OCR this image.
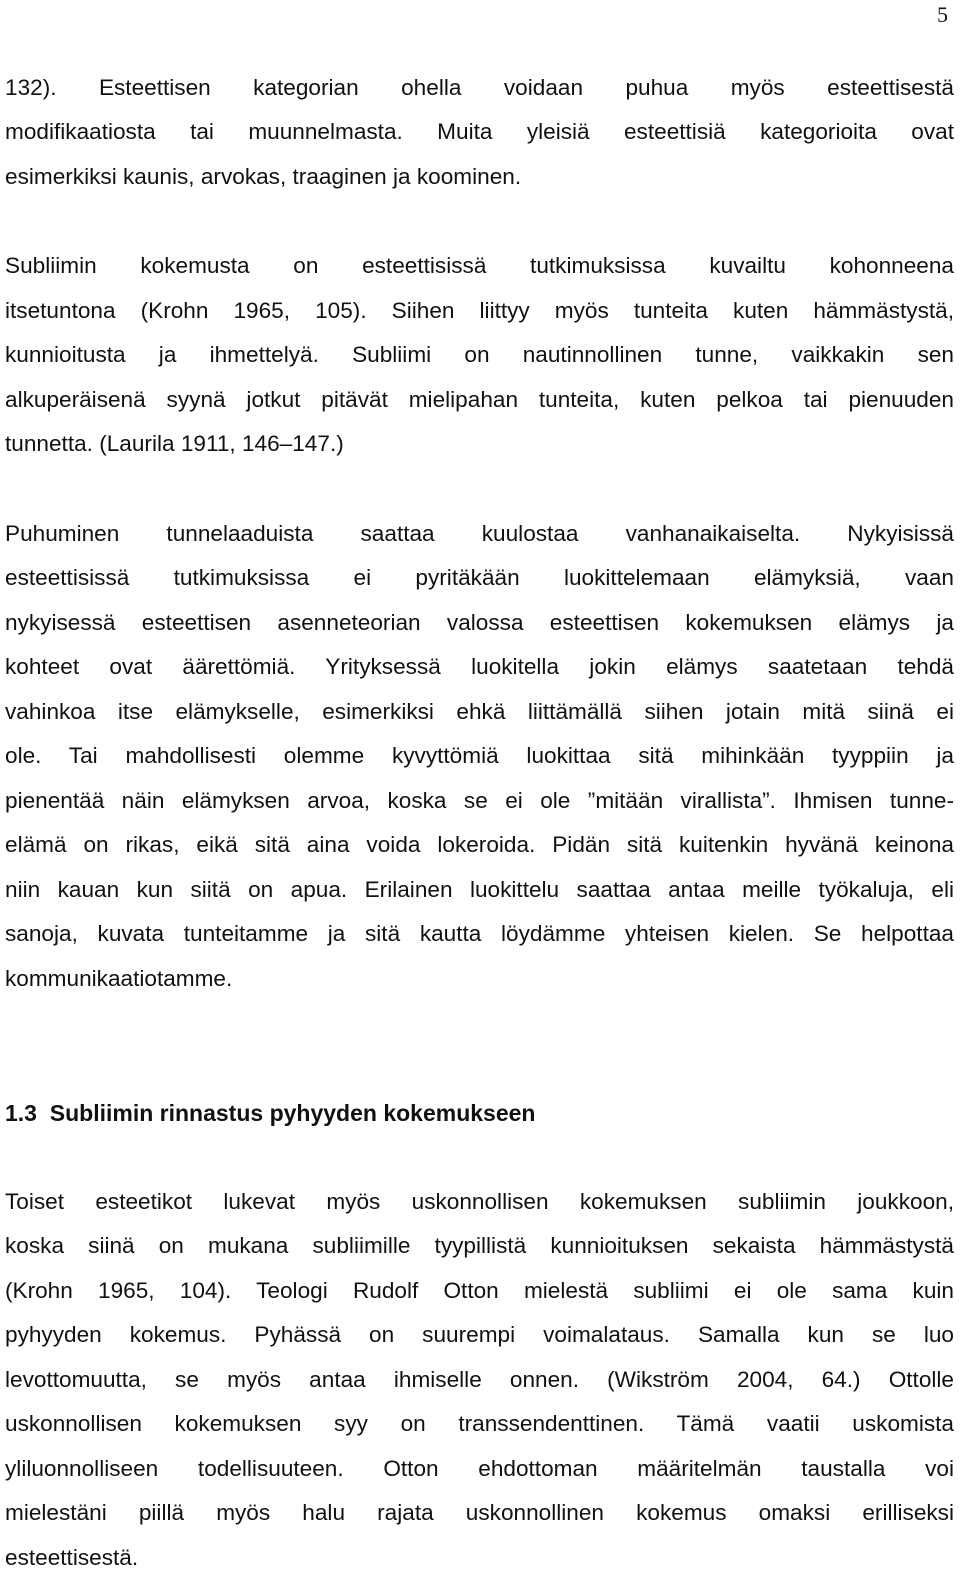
5
132). Esteettisen kategorian ohella voidaan puhua myös esteettisestä
modifikaatiosta tai muunnelmasta. Muita yleisiä esteettisiä kategorioita ovat
esimerkiksi kaunis, arvokas, traaginen ja koominen.
Subliimin kokemusta on esteettisissä tutkimuksissa kuvailtu kohonneena
itsetuntona (Krohn 1965, 105). Siihen liittyy myös tunteita kuten hämmästystä,
kunnioitusta ja ihmettelyä. Subliimi on nautinnollinen tunne, vaikkakin sen
alkuperäisenä syynä jotkut pitävät mielipahan tunteita, kuten pelkoa tai pienuuden
tunnetta. (Laurila 1911, 146–147.)
Puhuminen tunnelaaduista saattaa kuulostaa vanhanaikaiselta. Nykyisissä
esteettisissä tutkimuksissa ei pyritäkään luokittelemaan elämyksiä, vaan
nykyisessä esteettisen asenneteorian valossa esteettisen kokemuksen elämys ja
kohteet ovat äärettömiä. Yrityksessä luokitella jokin elämys saatetaan tehdä
vahinkoa itse elämykselle, esimerkiksi ehkä liittämällä siihen jotain mitä siinä ei
ole. Tai mahdollisesti olemme kyvyttömiä luokittaa sitä mihinkään tyyppiin ja
pienentää näin elämyksen arvoa, koska se ei ole ”mitään virallista”. Ihmisen tunne-
elämä on rikas, eikä sitä aina voida lokeroida. Pidän sitä kuitenkin hyvänä keinona
niin kauan kun siitä on apua. Erilainen luokittelu saattaa antaa meille työkaluja, eli
sanoja, kuvata tunteitamme ja sitä kautta löydämme yhteisen kielen. Se helpottaa
kommunikaatiotamme.
1.3 Subliimin rinnastus pyhyyden kokemukseen
Toiset esteetikot lukevat myös uskonnollisen kokemuksen subliimin joukkoon,
koska siinä on mukana subliimille tyypillistä kunnioituksen sekaista hämmästystä
(Krohn 1965, 104). Teologi Rudolf Otton mielestä subliimi ei ole sama kuin
pyhyyden kokemus. Pyhässä on suurempi voimalataus. Samalla kun se luo
levottomuutta, se myös antaa ihmiselle onnen. (Wikström 2004, 64.) Ottolle
uskonnollisen kokemuksen syy on transsendenttinen. Tämä vaatii uskomista
yliluonnolliseen todellisuuteen. Otton ehdottoman määritelmän taustalla voi
mielestäni piillä myös halu rajata uskonnollinen kokemus omaksi erilliseksi
esteettisestä.
